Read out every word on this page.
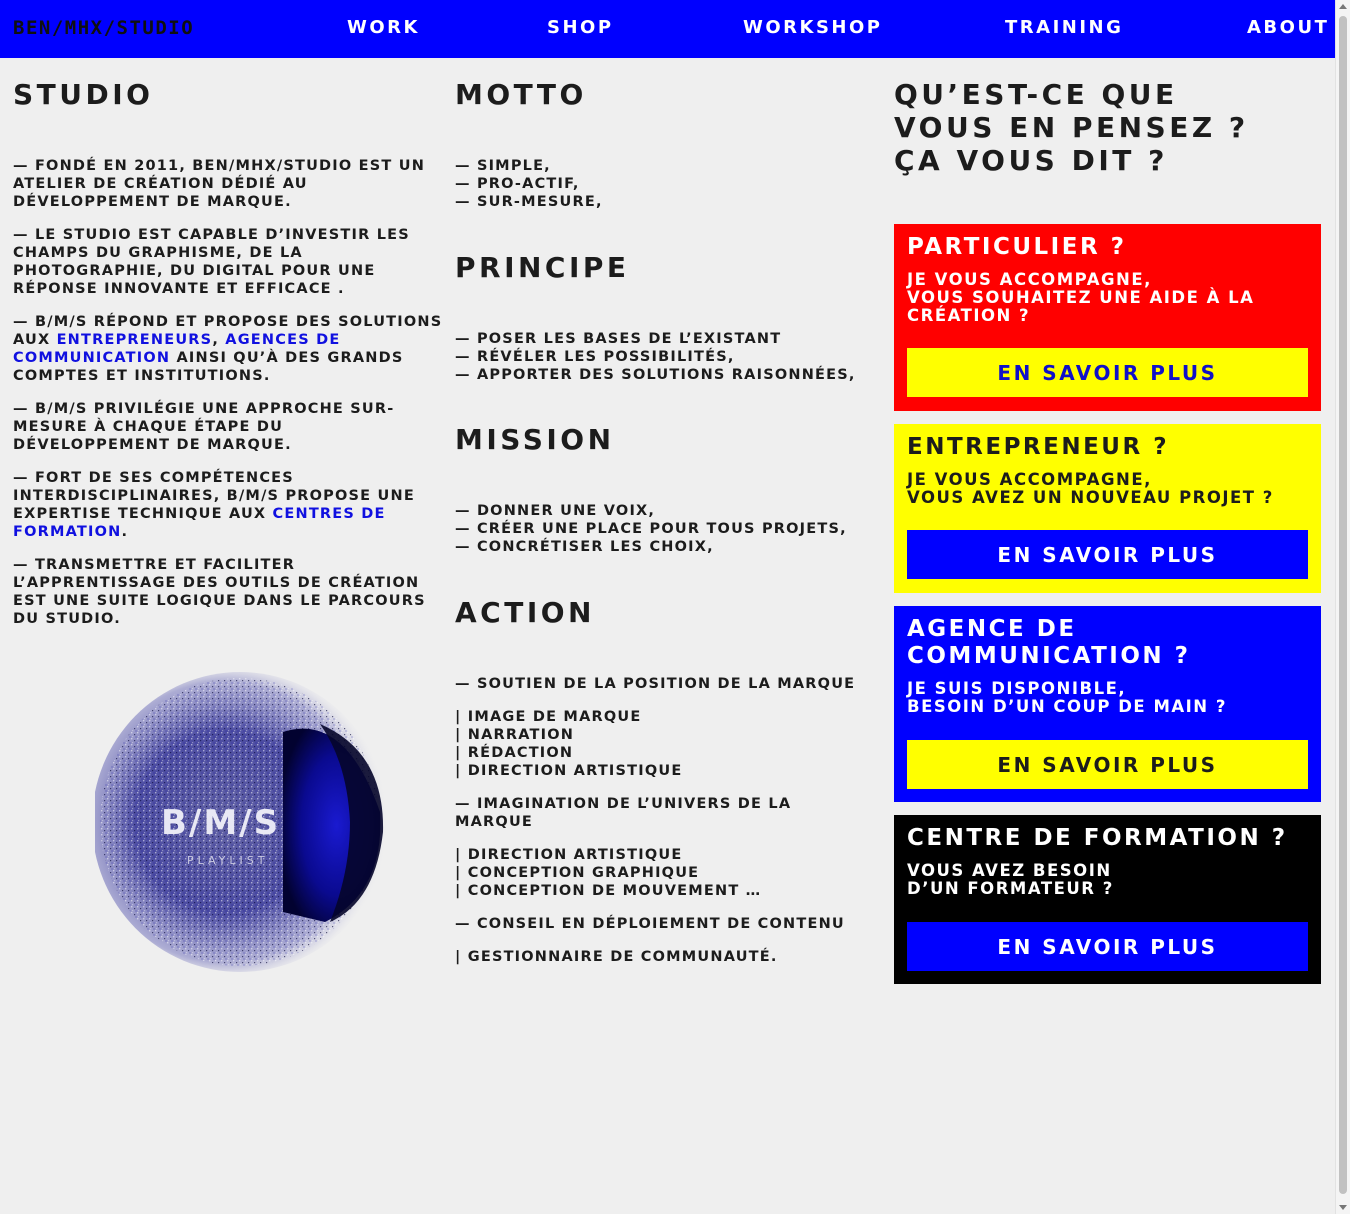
BEN/MHX/STUDIO	WORK	SHOP	WORKSHOP	TRAINING	ABOUT
STUDIO

— FONDÉ EN 2011, BEN/MHX/STUDIO EST UN ATELIER DE CRÉATION DÉDIÉ AU DÉVELOPPEMENT DE MARQUE.

— LE STUDIO EST CAPABLE D’INVESTIR LES CHAMPS DU GRAPHISME, DE LA PHOTOGRAPHIE, DU DIGITAL POUR UNE RÉPONSE INNOVANTE ET EFFICACE .

— B/M/S RÉPOND ET PROPOSE DES SOLUTIONS AUX ENTREPRENEURS, AGENCES DE COMMUNICATION AINSI QU’À DES GRANDS COMPTES ET INSTITUTIONS.

— B/M/S PRIVILÉGIE UNE APPROCHE SUR-MESURE À CHAQUE ÉTAPE DU DÉVELOPPEMENT DE MARQUE.

— FORT DE SES COMPÉTENCES INTERDISCIPLINAIRES, B/M/S PROPOSE UNE EXPERTISE TECHNIQUE AUX CENTRES DE FORMATION.

— TRANSMETTRE ET FACILITER L’APPRENTISSAGE DES OUTILS DE CRÉATION EST UNE SUITE LOGIQUE DANS LE PARCOURS DU STUDIO.

B/M/S
PLAYLIST
MOTTO
— SIMPLE,
— PRO-ACTIF,
— SUR-MESURE,
PRINCIPE
— POSER LES BASES DE L’EXISTANT
— RÉVÉLER LES POSSIBILITÉS,
— APPORTER DES SOLUTIONS RAISONNÉES,
MISSION
— DONNER UNE VOIX,
— CRÉER UNE PLACE POUR TOUS PROJETS,
— CONCRÉTISER LES CHOIX,
ACTION

— SOUTIEN DE LA POSITION DE LA MARQUE

| IMAGE DE MARQUE
| NARRATION
| RÉDACTION
| DIRECTION ARTISTIQUE

— IMAGINATION DE L’UNIVERS DE LA MARQUE

| DIRECTION ARTISTIQUE
| CONCEPTION GRAPHIQUE
| CONCEPTION DE MOUVEMENT …

— CONSEIL EN DÉPLOIEMENT DE CONTENU

| GESTIONNAIRE DE COMMUNAUTÉ.

QU’EST-CE QUE
VOUS EN PENSEZ ?
ÇA VOUS DIT ?

PARTICULIER ?

JE VOUS ACCOMPAGNE,

VOUS SOUHAITEZ UNE AIDE À LA CRÉATION ?

EN SAVOIR PLUS

ENTREPRENEUR ?

JE VOUS ACCOMPAGNE,

VOUS AVEZ UN NOUVEAU PROJET ?

EN SAVOIR PLUS

AGENCE DE COMMUNICATION ?

JE SUIS DISPONIBLE,

BESOIN D’UN COUP DE MAIN ?

EN SAVOIR PLUS

CENTRE DE FORMATION ?

VOUS AVEZ BESOIN

D’UN FORMATEUR ?

EN SAVOIR PLUS
